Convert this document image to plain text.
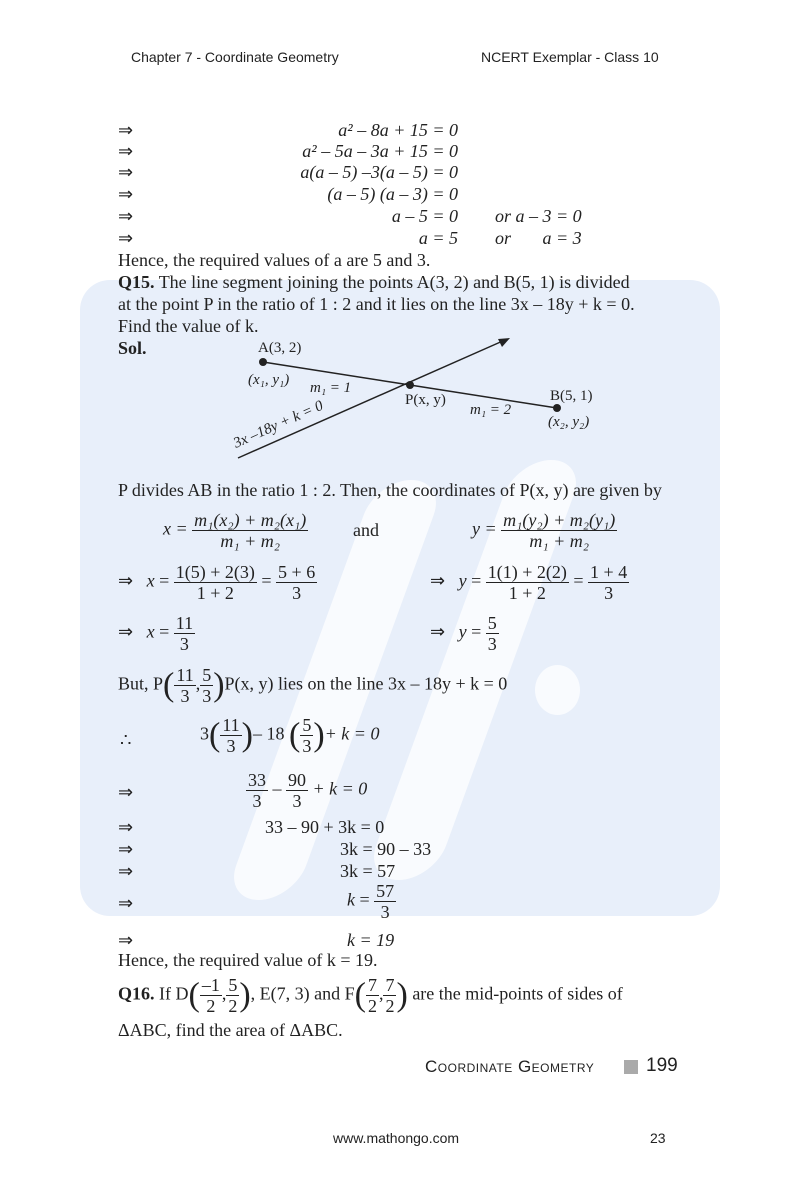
Chapter 7 - Coordinate Geometry	NCERT Exemplar - Class 10
⇒	a² – 8a + 15 = 0
⇒	a² – 5a – 3a + 15 = 0
⇒	a(a – 5) –3(a – 5) = 0
⇒	(a – 5) (a – 3) = 0
⇒	a – 5 = 0 or a – 3 = 0
⇒	a = 5 or       a = 3
Hence, the required values of a are 5 and 3.
Q15. The line segment joining the points A(3, 2) and B(5, 1) is divided
at the point P in the ratio of 1 : 2 and it lies on the line 3x – 18y + k = 0.
Find the value of k.
Sol.	A(3, 2)
(x₁, y₁) m₁ = 1
P(x, y)
m₁ = 2
B(5, 1)
(x₂, y₂)
3x –18y + k = 0
P divides AB in the ratio 1 : 2. Then, the coordinates of P(x, y) are given by
$x = \frac{\text{m₁(x₂) + m₂(x₁)}}{\text{m₁ + m₂}}$ and	$y = \frac{\text{m₁(y₂) + m₂(y₁)}}{\text{m₁ + m₂}}$
⇒ $x = \frac{1(5) + 2(3)}{1 + 2} = \frac{5 + 6}{3}$	⇒ $y = \frac{1(1) + 2(2)}{1 + 2} = \frac{1 + 4}{3}$
⇒ $x = \frac{11}{3}$	⇒ $y = \frac{5}{3}$
But, $P( \frac{11}{3}$ , $\frac{5}{3} )P(x$, y) lies on the line 3x – 18y + k = 0
∴	$3( \frac{11}{3}$ )– 18 ( $\frac{5}{3}$ )+ k = 0
⇒	$\frac{33}{3} - \frac{90}{3} + k = 0$
⇒	33 – 90 + 3k = 0
⇒	3k = 90 – 33
⇒	3k = 57
⇒	$k = \frac{57}{3}$
⇒	k = 19
Hence, the required value of k = 19.
Q16. If $D( \frac{-1}{2}$ , $\frac{5}{2}$ ), E(7, 3) and $F( \frac{7}{2}$ , $\frac{7}{2}$ ) are the mid-points of sides of
ΔABC, find the area of ΔABC.
Coordinate Geometry	199
www.mathongo.com	23
